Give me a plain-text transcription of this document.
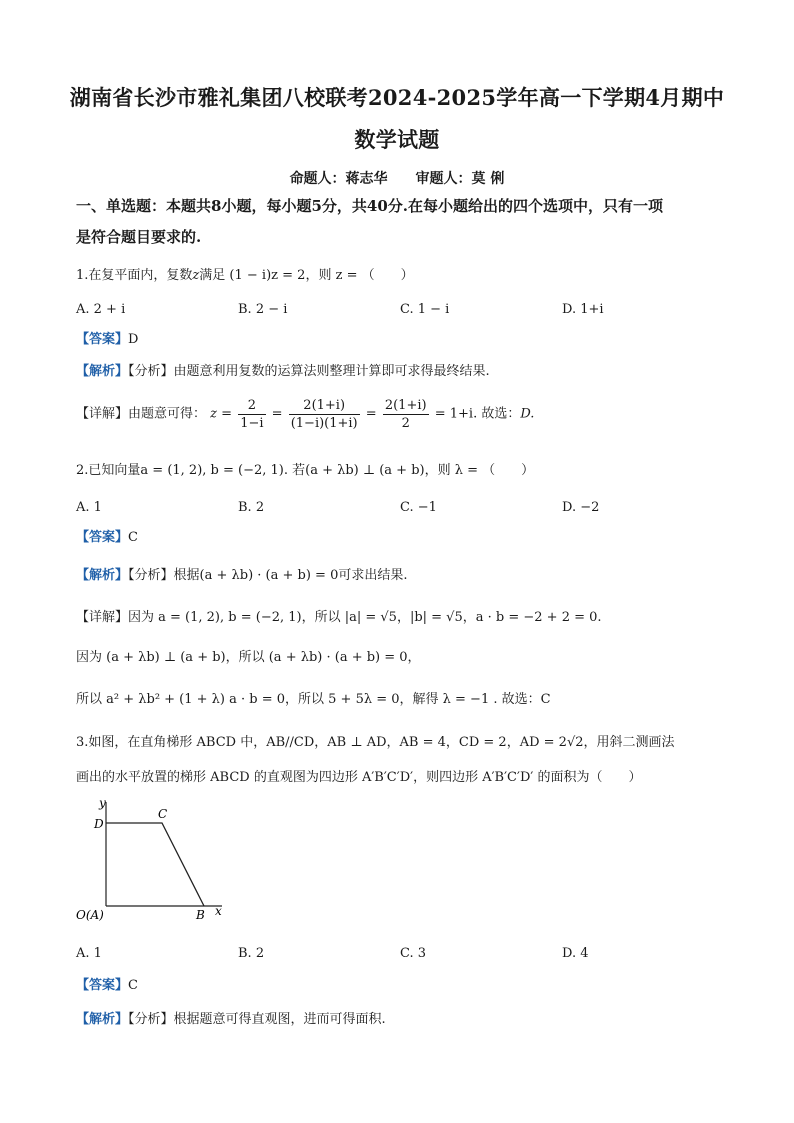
湖南省长沙市雅礼集团八校联考2024-2025学年高一下学期4月期中
数学试题
命题人：蒋志华　　审题人：莫 俐
一、单选题：本题共8小题，每小题5分，共40分.在每小题给出的四个选项中，只有一项
是符合题目要求的.
1.在复平面内，复数z满足 (1 − i)z = 2，则 z = （　　）
A. 2 + i	B. 2 − i	C. 1 − i	D. 1+i
【答案】D
【解析】【分析】由题意利用复数的运算法则整理计算即可求得最终结果.
【详解】由题意可得： $z = \frac{2}{1-i} = \frac{2(1+i)}{(1-i)(1+i)} = \frac{2(1+i)}{2} = 1+i$. 故选：D.
2.已知向量a = (1, 2), b = (−2, 1). 若(a + λb) ⊥ (a + b)，则 λ = （　　）
A. 1	B. 2	C. −1	D. −2
【答案】C
【解析】【分析】根据(a + λb) · (a + b) = 0可求出结果.
【详解】因为 a = (1, 2), b = (−2, 1)，所以 |a| = √5，|b| = √5，a · b = −2 + 2 = 0.
因为 (a + λb) ⊥ (a + b)，所以 (a + λb) · (a + b) = 0，
所以 a² + λb² + (1 + λ) a · b = 0，所以 5 + 5λ = 0，解得 λ = −1 . 故选：C
3.如图，在直角梯形 ABCD 中，AB//CD，AB ⊥ AD，AB = 4，CD = 2，AD = 2√2，用斜二测画法
画出的水平放置的梯形 ABCD 的直观图为四边形 A′B′C′D′，则四边形 A′B′C′D′ 的面积为（　　）
y
x
D
C
B
O(A)
A. 1	B. 2	C. 3	D. 4
【答案】C
【解析】【分析】根据题意可得直观图，进而可得面积.
